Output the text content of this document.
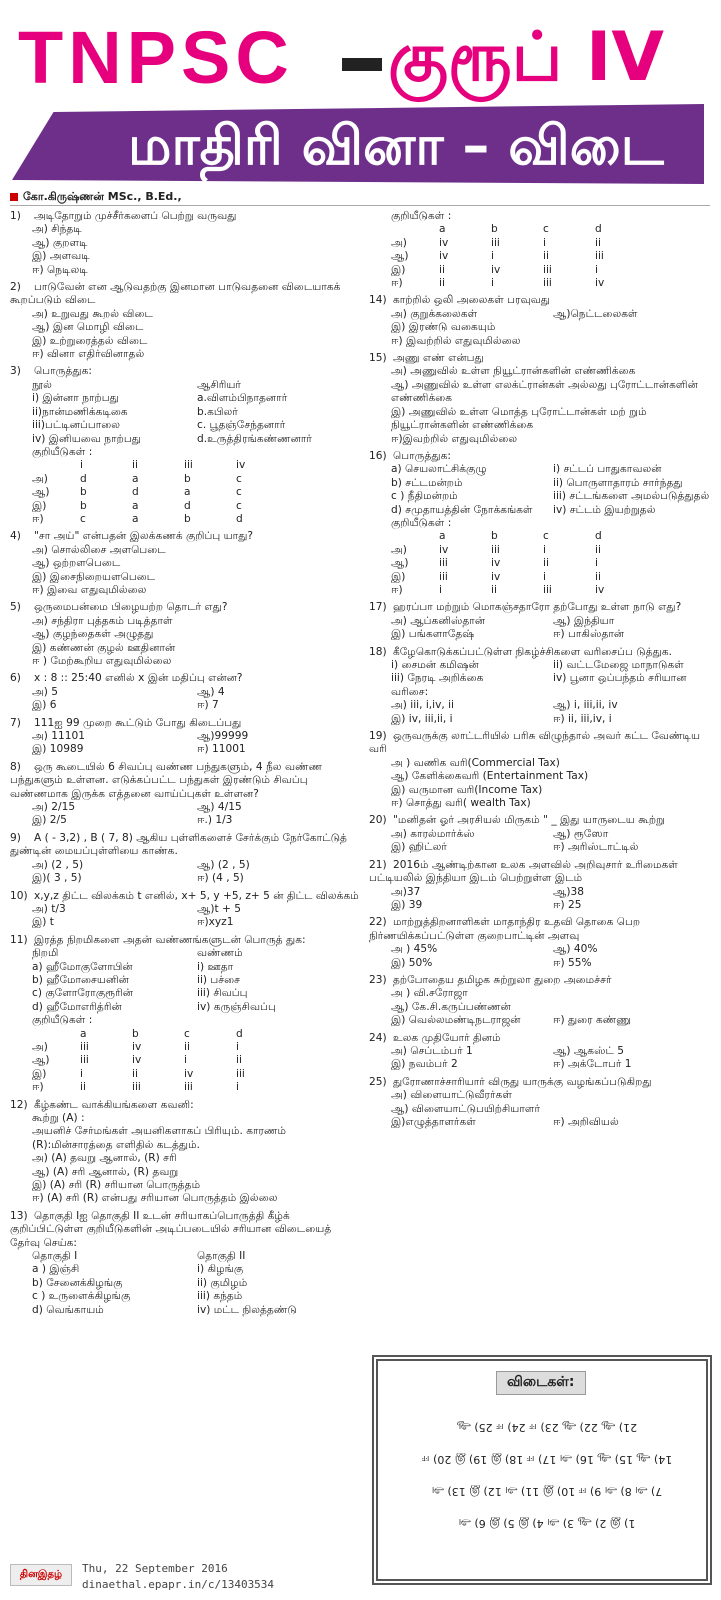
TNPSC குரூப் IV
மாதிரி வினா – விடை
கோ.கிருஷ்ணன் MSc., B.Ed.,
1) அடிதோறும் முச்சீர்களைப் பெற்று வருவது
அ) சிந்தடி
ஆ) குறளடி
இ) அளவடி
ஈ) நெடிலடி
2) பாடுவேன் என ஆடுவதற்கு இனமான பாடுவதனை விடையாகக் கூறப்படும் விடை
அ) உறுவது கூறல் விடை
ஆ) இன மொழி விடை
இ) உற்றுரைத்தல் விடை
ஈ) வினா எதிர்வினாதல்
3) பொருத்துக:
நூல்	ஆசிரியர்
i) இன்னா நாற்பது	a.விளம்பிநாதனார்
ii)நான்மணிக்கடிகை	b.கபிலர்
iii)பட்டினப்பாலை	c. பூதஞ்சேந்தனார்
iv) இனியவை நாற்பது	d.உருத்திரங்கண்ணனார்
குறியீடுகள் :
i	ii	iii	iv
அ)	d	a	b	c
ஆ)	b	d	a	c
இ)	b	a	d	c
ஈ)	c	a	b	d
4) "சா அய்" என்பதன் இலக்கணக் குறிப்பு யாது?
அ) சொல்லிசை அளபெடை
ஆ) ஒற்றளபெடை
இ) இசைநிறையளபெடை
ஈ) இவை எதுவுமில்லை
5) ஒருமைபன்மை பிழையற்ற தொடர் எது?
அ) சந்திரா புத்தகம் படித்தாள்
ஆ) குழந்தைகள் அழுதது
இ) கண்ணன் குழல் ஊதினான்
ஈ ) மேற்கூறிய எதுவுமில்லை
6) x : 8 :: 25:40 எனில் x இன் மதிப்பு என்ன?
அ) 5	ஆ) 4
இ) 6	ஈ) 7
7) 111ஐ 99 முறை கூட்டும் போது கிடைப்பது
அ) 11101	ஆ)99999
இ) 10989	ஈ) 11001
8) ஒரு கூடையில் 6 சிவப்பு வண்ண பந்துகளும், 4 நீல வண்ண பந்துகளும் உள்ளன. எடுக்கப்பட்ட பந்துகள் இரண்டும் சிவப்பு வண்ணமாக இருக்க எத்தனை வாய்ப்புகள் உள்ளன?
அ) 2/15	ஆ) 4/15
இ) 2/5	ஈ.) 1/3
9) A ( - 3,2) , B ( 7, 8) ஆகிய புள்ளிகளைச் சேர்க்கும் நேர்கோட்டுத் துண்டின் மையப்புள்ளியை காண்க.
அ) (2 , 5)	ஆ) (2 , 5)
இ)( 3 , 5)	ஈ) (4 , 5)
10) x,y,z திட்ட விலக்கம் t எனில், x+ 5, y +5, z+ 5 ன் திட்ட விலக்கம்
அ) t/3	ஆ)t + 5
இ) t	ஈ)xyz1
11) இரத்த நிறமிகளை அதன் வண்ணங்களுடன் பொருத் துக:
நிறமி	வண்ணம்
a) ஹீமோகுளோபின்	i) ஊதா
b) ஹீமோசையனின்	ii) பச்சை
c) குளோரோகுரூரின்	iii) சிவப்பு
d) ஹீமோஎரித்ரின்	iv) கருஞ்சிவப்பு
குறியீடுகள் :
a	b	c	d
அ)	iii	iv	ii	i
ஆ)	iii	iv	i	ii
இ)	i	ii	iv	iii
ஈ)	ii	iii	iii	i
12) கீழ்கண்ட வாக்கியங்களை கவனி:
கூற்று (A) :
அயனிச் சேர்மங்கள் அயனிகளாகப் பிரியும். காரணம் (R):மின்சாரத்தை எளிதில் கடத்தும்.
அ) (A) தவறு ஆனால், (R) சரி
ஆ) (A) சரி ஆனால், (R) தவறு
இ) (A) சரி (R) சரியான பொருத்தம்
ஈ) (A) சரி (R) என்பது சரியான பொருத்தம் இல்லை
13) தொகுதி Iஐ தொகுதி II உடன் சரியாகப்பொருத்தி கீழ்க் குறிப்பிட்டுள்ள குறியீடுகளின் அடிப்படையில் சரியான விடையைத் தேர்வு செய்க:
தொகுதி I	தொகுதி II
a ) இஞ்சி	i) கிழங்கு
b) சேனைக்கிழங்கு	ii) குமிழம்
c ) உருளைக்கிழங்கு	iii) கந்தம்
d) வெங்காயம்	iv) மட்ட நிலத்தண்டு
குறியீடுகள் :
a	b	c	d
அ)	iv	iii	i	ii
ஆ)	iv	i	ii	iii
இ)	ii	iv	iii	i
ஈ)	ii	i	iii	iv
14) காற்றில் ஒலி அலைகள் பரவுவது
அ) குறுக்கலைகள்	ஆ)நெட்டலைகள்
இ) இரண்டு வகையும்
ஈ) இவற்றில் எதுவுமில்லை
15) அணு எண் என்பது
அ) அணுவில் உள்ள நியூட்ரான்களின் எண்ணிக்கை
ஆ) அணுவில் உள்ள எலக்ட்ரான்கள் அல்லது புரோட்டான்களின் எண்ணிக்கை
இ) அணுவில் உள்ள மொத்த புரோட்டான்கள் மற் றும் நியூட்ரான்களின் எண்ணிக்கை
ஈ)இவற்றில் எதுவுமில்லை
16) பொருத்துக:
a) செயலாட்சிக்குழு	i) சட்டப் பாதுகாவலன்
b) சட்டமன்றம்	ii) பொருளாதாரம் சார்ந்தது
c ) நீதிமன்றம்	iii) சட்டங்களை அமல்படுத்துதல்
d) சமுதாயத்தின் நோக்கங்கள்	iv) சட்டம் இயற்றுதல்
குறியீடுகள் :
a	b	c	d
அ)	iv	iii	i	ii
ஆ)	iii	iv	ii	i
இ)	iii	iv	i	ii
ஈ)	i	ii	iii	iv
17) ஹரப்பா மற்றும் மொகஞ்சதாரோ தற்போது உள்ள நாடு எது?
அ) ஆப்கனிஸ்தான்	ஆ) இந்தியா
இ) பங்களாதேஷ்	ஈ) பாகிஸ்தான்
18) கீழேகொடுக்கப்பட்டுள்ள நிகழ்ச்சிகளை வரிசைப்ப டுத்துக.
i) சைமன் கமிஷன்	ii) வட்டமேஜை மாநாடுகள்
iii) நேரடி அறிக்கை	iv) பூனா ஒப்பந்தம் சரியான
வரிசை:
அ) iii, i,iv, ii	ஆ) i, iii,ii, iv
இ) iv, iii,ii, i	ஈ) ii, iii,iv, i
19) ஒருவருக்கு லாட்டரியில் பரிசு விழுந்தால் அவர் கட்ட வேண்டிய வரி
அ ) வணிக வரி(Commercial Tax)
ஆ) கேளிக்கைவரி (Entertainment Tax)
இ) வருமான வரி(Income Tax)
ஈ) சொத்து வரி( wealth Tax)
20) "மனிதன் ஓர் அரசியல் மிருகம் " _ இது யாருடைய கூற்று
அ) காரல்மார்க்ஸ்	ஆ) ரூஸோ
இ) ஹிட்லர்	ஈ) அரிஸ்டாட்டில்
21) 2016ம் ஆண்டிற்கான உலக அளவில் அறிவுசார் உரிமைகள் பட்டியலில் இந்தியா இடம் பெற்றுள்ள இடம்
அ)37	ஆ)38
இ) 39	ஈ) 25
22) மாற்றுத்திறனாளிகள் மாதாந்திர உதவி தொகை பெற நிர்ணயிக்கப்பட்டுள்ள குறைபாட்டின் அளவு
அ ) 45%	ஆ) 40%
இ) 50%	ஈ) 55%
23) தற்போதைய தமிழக சுற்றுலா துறை அமைச்சர்
அ ) வி.சரோஜா
ஆ) கே.சி.கருப்பண்ணன்
இ) வெல்லமண்டிநடராஜன்	ஈ) துரை கண்ணு
24) உலக முதியோர் தினம்
அ) செப்டம்பர் 1	ஆ) ஆகஸ்ட் 5
இ) நவம்பர் 2	ஈ) அக்டோபர் 1
25) துரோணாச்சாரியார் விருது யாருக்கு வழங்கப்படுகிறது
அ) விளையாட்டுவீரர்கள்
ஆ) விளையாட்டுபயிற்சியாளர்
இ)எழுத்தாளர்கள்	ஈ) அறிவியல்
விடைகள்:
21) ஆ 22) ஆ 23) ஈ 24) ஈ 25) ஆ
14) ஆ 15) ஆ 16) அ 17) ஈ 18) இ 19) இ 20) ஈ
7) அ 8) அ 9) ஈ 10) இ 11) அ 12) இ 13) அ
1) இ 2) ஆ 3) அ 4) இ 5) இ 6) அ
தினஇதழ்	Thu, 22 September 2016
dinaethal.epapr.in/c/13403534
